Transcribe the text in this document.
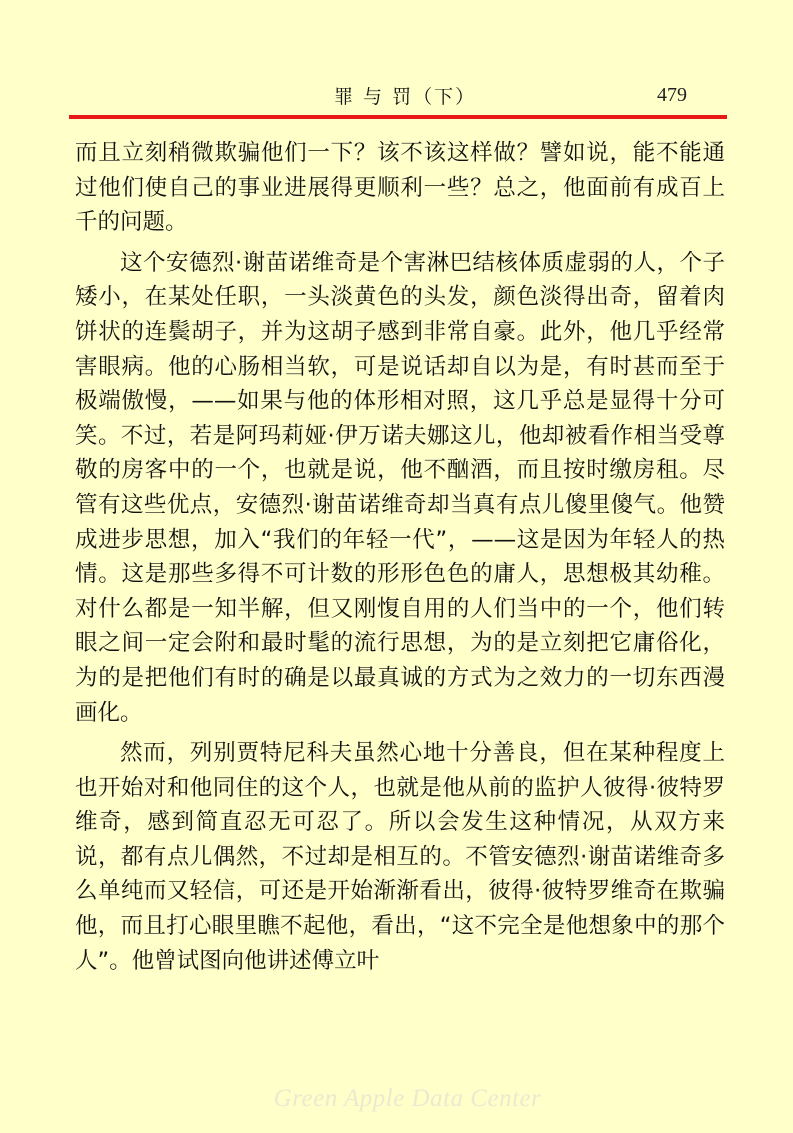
罪 与 罚（下）	479

而且立刻稍微欺骗他们一下？该不该这样做？譬如说，能不能通过他们使自己的事业进展得更顺利一些？总之，他面前有成百上千的问题。

这个安德烈·谢苗诺维奇是个害淋巴结核体质虚弱的人，个子矮小，在某处任职，一头淡黄色的头发，颜色淡得出奇，留着肉饼状的连鬓胡子，并为这胡子感到非常自豪。此外，他几乎经常害眼病。他的心肠相当软，可是说话却自以为是，有时甚而至于极端傲慢，——如果与他的体形相对照，这几乎总是显得十分可笑。不过，若是阿玛莉娅·伊万诺夫娜这儿，他却被看作相当受尊敬的房客中的一个，也就是说，他不酗酒，而且按时缴房租。尽管有这些优点，安德烈·谢苗诺维奇却当真有点儿傻里傻气。他赞成进步思想，加入“我们的年轻一代”，——这是因为年轻人的热情。这是那些多得不可计数的形形色色的庸人，思想极其幼稚。对什么都是一知半解，但又刚愎自用的人们当中的一个，他们转眼之间一定会附和最时髦的流行思想，为的是立刻把它庸俗化，为的是把他们有时的确是以最真诚的方式为之效力的一切东西漫画化。

然而，列别贾特尼科夫虽然心地十分善良，但在某种程度上也开始对和他同住的这个人，也就是他从前的监护人彼得·彼特罗维奇，感到简直忍无可忍了。所以会发生这种情况，从双方来说，都有点儿偶然，不过却是相互的。不管安德烈·谢苗诺维奇多么单纯而又轻信，可还是开始渐渐看出，彼得·彼特罗维奇在欺骗他，而且打心眼里瞧不起他，看出，“这不完全是他想象中的那个人”。他曾试图向他讲述傅立叶

Green Apple Data Center
